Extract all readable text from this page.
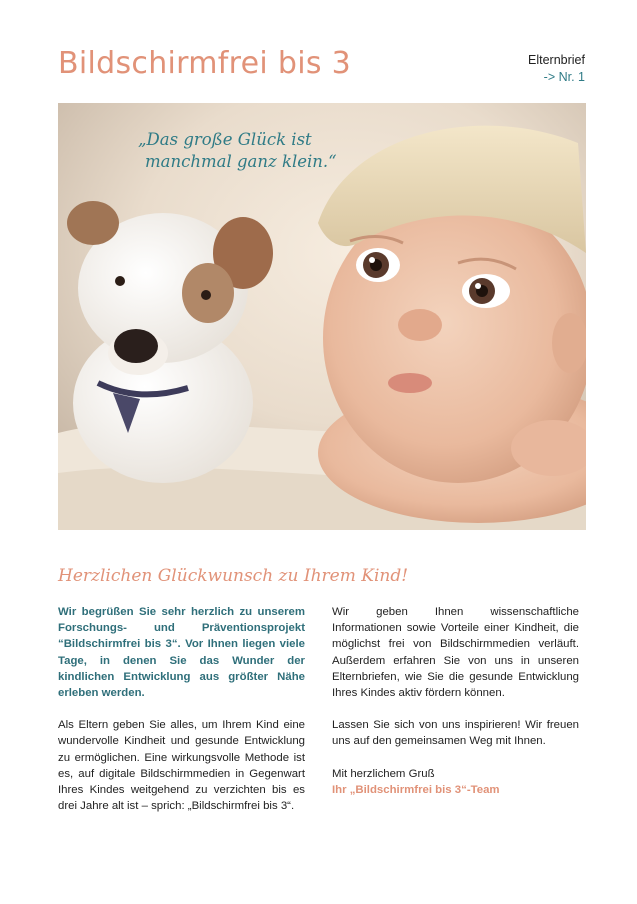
Bildschirmfrei bis 3	Elternbrief
-> Nr. 1
„Das große Glück ist
manchmal ganz klein.“
Herzlichen Glückwunsch zu Ihrem Kind!

Wir begrüßen Sie sehr herzlich zu unserem Forschungs- und Präventionsprojekt “Bildschirmfrei bis 3“. Vor Ihnen liegen viele Tage, in denen Sie das Wunder der kindlichen Entwicklung aus größter Nähe erleben werden.

Als Eltern geben Sie alles, um Ihrem Kind eine wundervolle Kindheit und gesunde Entwicklung zu ermöglichen. Eine wirkungsvolle Methode ist es, auf digitale Bildschirmmedien in Gegenwart Ihres Kindes weitgehend zu verzichten bis es drei Jahre alt ist – sprich: „Bildschirmfrei bis 3“.

Wir geben Ihnen wissenschaftliche Informationen sowie Vorteile einer Kindheit, die möglichst frei von Bildschirmmedien verläuft. Außerdem erfahren Sie von uns in unseren Elternbriefen, wie Sie die gesunde Entwicklung Ihres Kindes aktiv fördern können.

Lassen Sie sich von uns inspirieren! Wir freuen uns auf den gemeinsamen Weg mit Ihnen.

Mit herzlichem Gruß
Ihr „Bildschirmfrei bis 3“-Team
